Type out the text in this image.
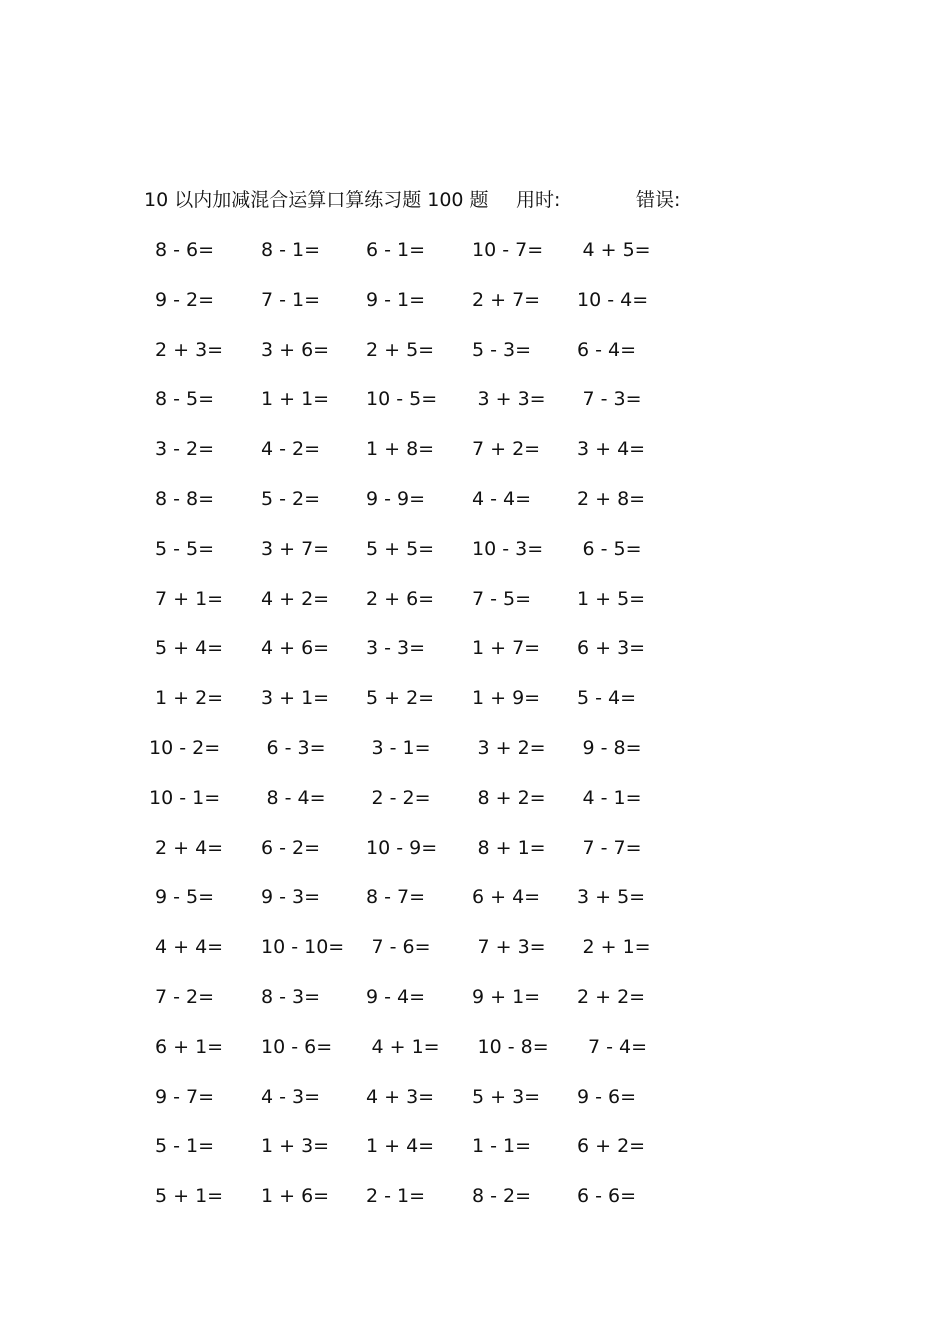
10 以内加减混合运算口算练习题 100 题 用时:	错误:
8 - 6= 8 - 1= 6 - 1= 10 - 7= 4 + 5=
9 - 2= 7 - 1= 9 - 1= 2 + 7= 10 - 4=
2 + 3= 3 + 6= 2 + 5= 5 - 3= 6 - 4=
8 - 5= 1 + 1= 10 - 5= 3 + 3= 7 - 3=
3 - 2= 4 - 2= 1 + 8= 7 + 2= 3 + 4=
8 - 8= 5 - 2= 9 - 9= 4 - 4= 2 + 8=
5 - 5= 3 + 7= 5 + 5= 10 - 3= 6 - 5=
7 + 1= 4 + 2= 2 + 6= 7 - 5= 1 + 5=
5 + 4= 4 + 6= 3 - 3= 1 + 7= 6 + 3=
1 + 2= 3 + 1= 5 + 2= 1 + 9= 5 - 4=
10 - 2= 6 - 3= 3 - 1= 3 + 2= 9 - 8=
10 - 1= 8 - 4= 2 - 2= 8 + 2= 4 - 1=
2 + 4= 6 - 2= 10 - 9= 8 + 1= 7 - 7=
9 - 5= 9 - 3= 8 - 7= 6 + 4= 3 + 5=
4 + 4= 10 - 10= 7 - 6= 7 + 3= 2 + 1=
7 - 2= 8 - 3= 9 - 4= 9 + 1= 2 + 2=
6 + 1= 10 - 6= 4 + 1= 10 - 8= 7 - 4=
9 - 7= 4 - 3= 4 + 3= 5 + 3= 9 - 6=
5 - 1= 1 + 3= 1 + 4= 1 - 1= 6 + 2=
5 + 1= 1 + 6= 2 - 1= 8 - 2= 6 - 6=
